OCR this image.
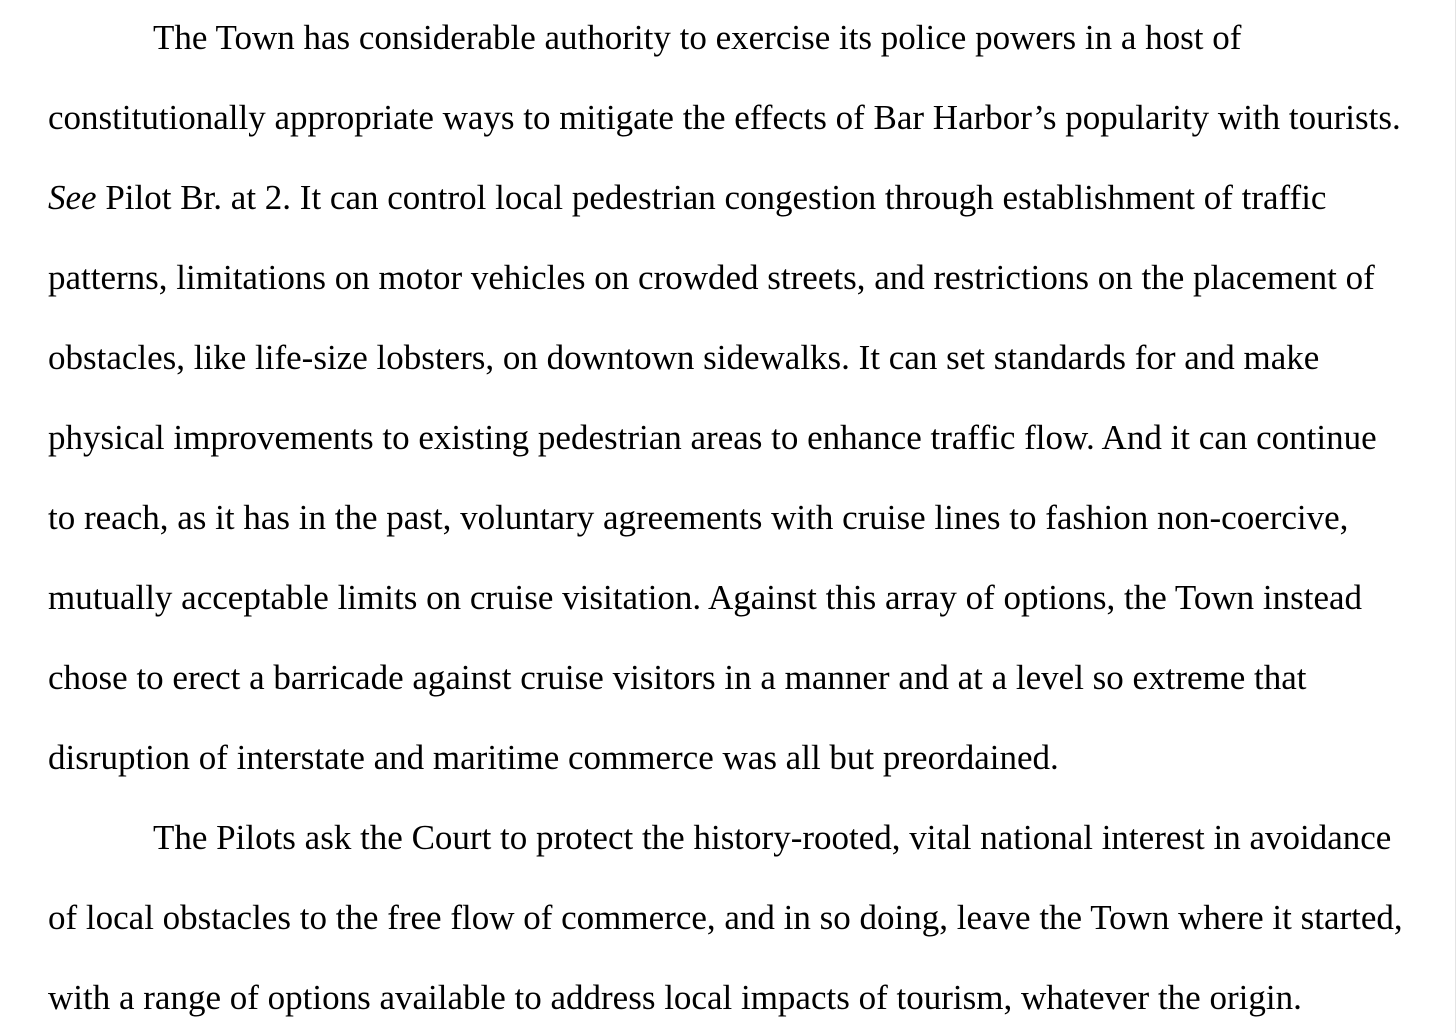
The Town has considerable authority to exercise its police powers in a host of
constitutionally appropriate ways to mitigate the effects of Bar Harbor’s popularity with tourists.
See Pilot Br. at 2. It can control local pedestrian congestion through establishment of traffic
patterns, limitations on motor vehicles on crowded streets, and restrictions on the placement of
obstacles, like life-size lobsters, on downtown sidewalks. It can set standards for and make
physical improvements to existing pedestrian areas to enhance traffic flow. And it can continue
to reach, as it has in the past, voluntary agreements with cruise lines to fashion non-coercive,
mutually acceptable limits on cruise visitation. Against this array of options, the Town instead
chose to erect a barricade against cruise visitors in a manner and at a level so extreme that
disruption of interstate and maritime commerce was all but preordained.
The Pilots ask the Court to protect the history-rooted, vital national interest in avoidance
of local obstacles to the free flow of commerce, and in so doing, leave the Town where it started,
with a range of options available to address local impacts of tourism, whatever the origin.
